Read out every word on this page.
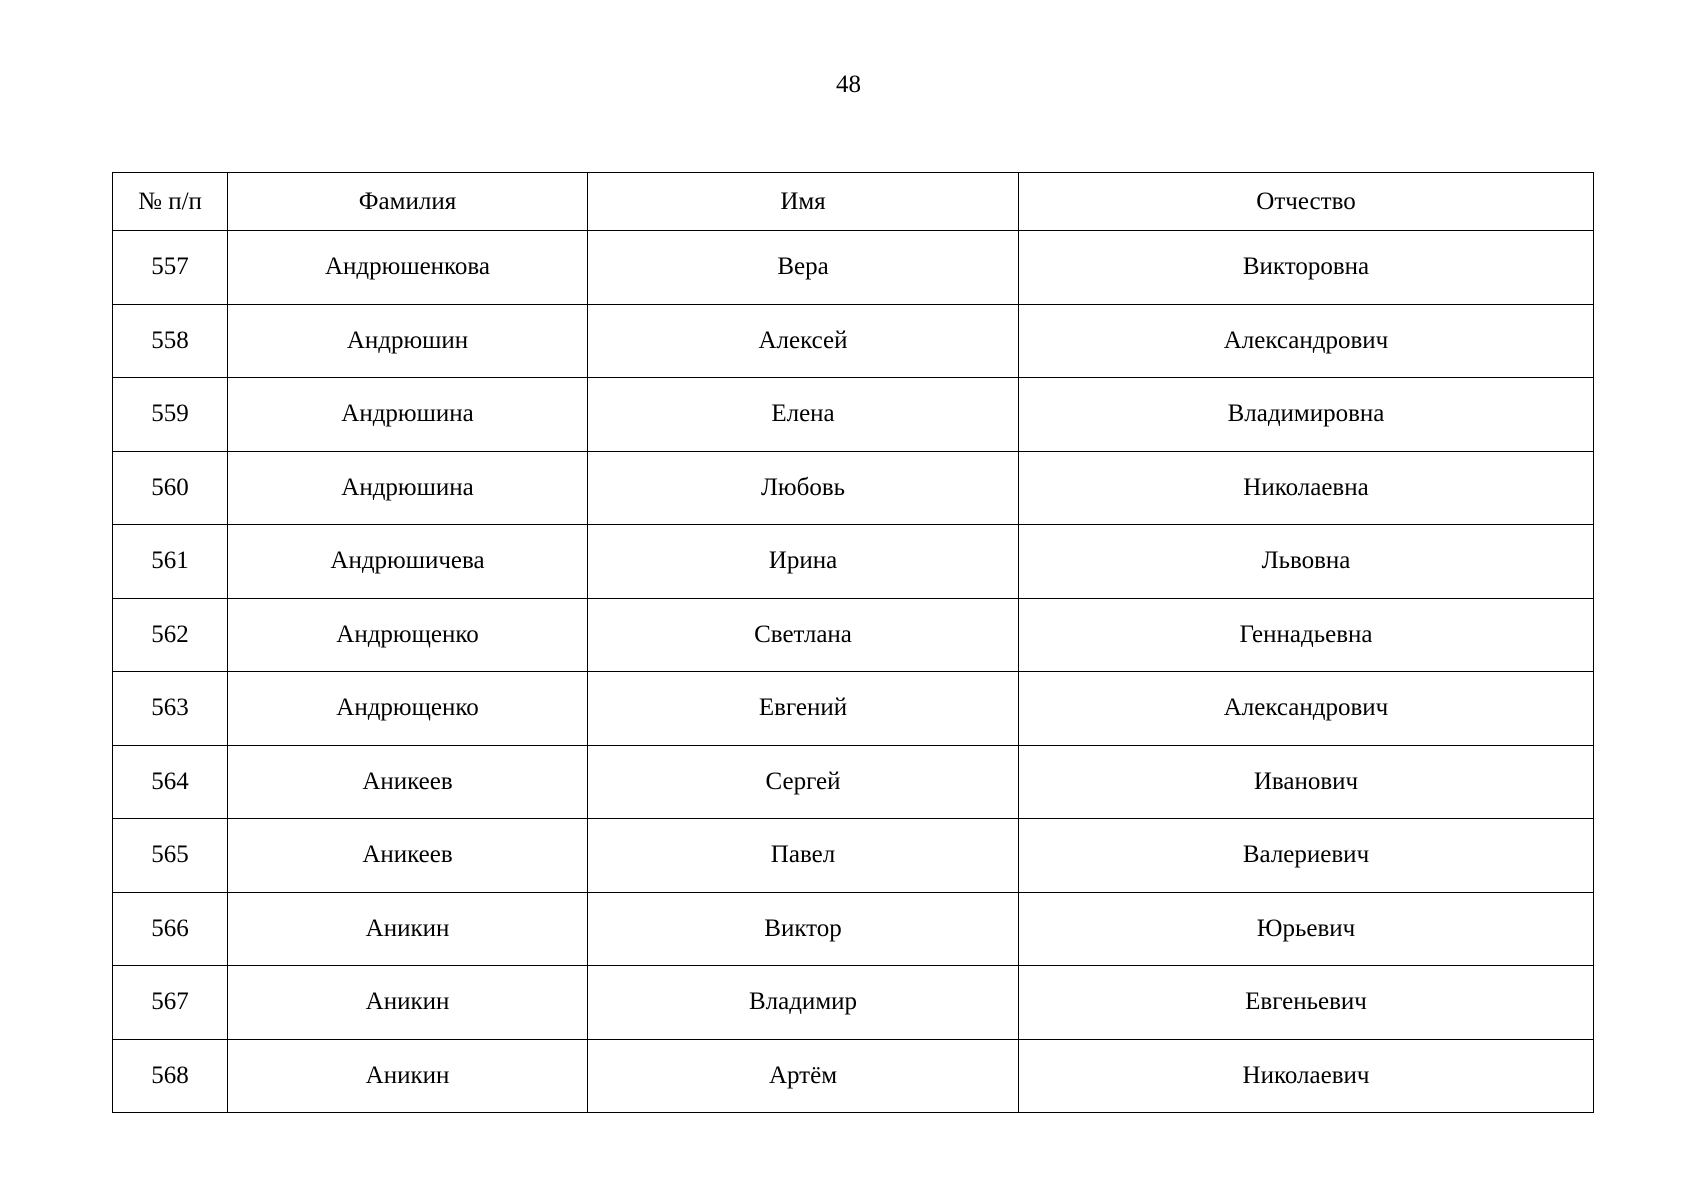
48
№ п/п	Фамилия	Имя	Отчество
557	Андрюшенкова	Вера	Викторовна
558	Андрюшин	Алексей	Александрович
559	Андрюшина	Елена	Владимировна
560	Андрюшина	Любовь	Николаевна
561	Андрюшичева	Ирина	Львовна
562	Андрющенко	Светлана	Геннадьевна
563	Андрющенко	Евгений	Александрович
564	Аникеев	Сергей	Иванович
565	Аникеев	Павел	Валериевич
566	Аникин	Виктор	Юрьевич
567	Аникин	Владимир	Евгеньевич
568	Аникин	Артём	Николаевич
